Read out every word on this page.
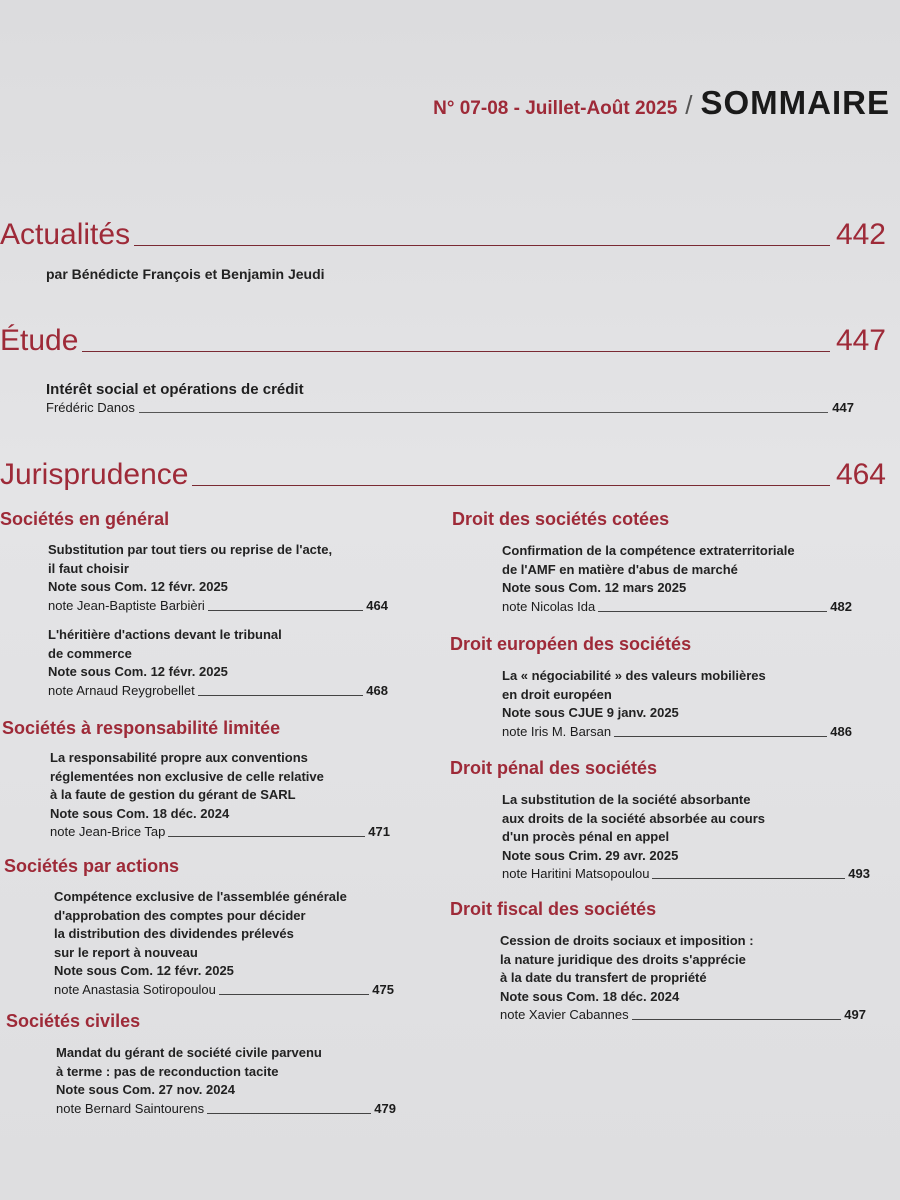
N° 07-08 - Juillet-Août 2025 / SOMMAIRE
Actualités	442
par Bénédicte François et Benjamin Jeudi
Étude	447
Intérêt social et opérations de crédit
Frédéric Danos	447
Jurisprudence	464
Sociétés en général
Substitution par tout tiers ou reprise de l'acte,
il faut choisir
Note sous Com. 12 févr. 2025
note Jean-Baptiste Barbièri	464
L'héritière d'actions devant le tribunal
de commerce
Note sous Com. 12 févr. 2025
note Arnaud Reygrobellet	468
Sociétés à responsabilité limitée
La responsabilité propre aux conventions
réglementées non exclusive de celle relative
à la faute de gestion du gérant de SARL
Note sous Com. 18 déc. 2024
note Jean-Brice Tap	471
Sociétés par actions
Compétence exclusive de l'assemblée générale
d'approbation des comptes pour décider
la distribution des dividendes prélevés
sur le report à nouveau
Note sous Com. 12 févr. 2025
note Anastasia Sotiropoulou	475
Sociétés civiles
Mandat du gérant de société civile parvenu
à terme : pas de reconduction tacite
Note sous Com. 27 nov. 2024
note Bernard Saintourens	479
Droit des sociétés cotées
Confirmation de la compétence extraterritoriale
de l'AMF en matière d'abus de marché
Note sous Com. 12 mars 2025
note Nicolas Ida	482
Droit européen des sociétés
La « négociabilité » des valeurs mobilières
en droit européen
Note sous CJUE 9 janv. 2025
note Iris M. Barsan	486
Droit pénal des sociétés
La substitution de la société absorbante
aux droits de la société absorbée au cours
d'un procès pénal en appel
Note sous Crim. 29 avr. 2025
note Haritini Matsopoulou	493
Droit fiscal des sociétés
Cession de droits sociaux et imposition :
la nature juridique des droits s'apprécie
à la date du transfert de propriété
Note sous Com. 18 déc. 2024
note Xavier Cabannes	497
